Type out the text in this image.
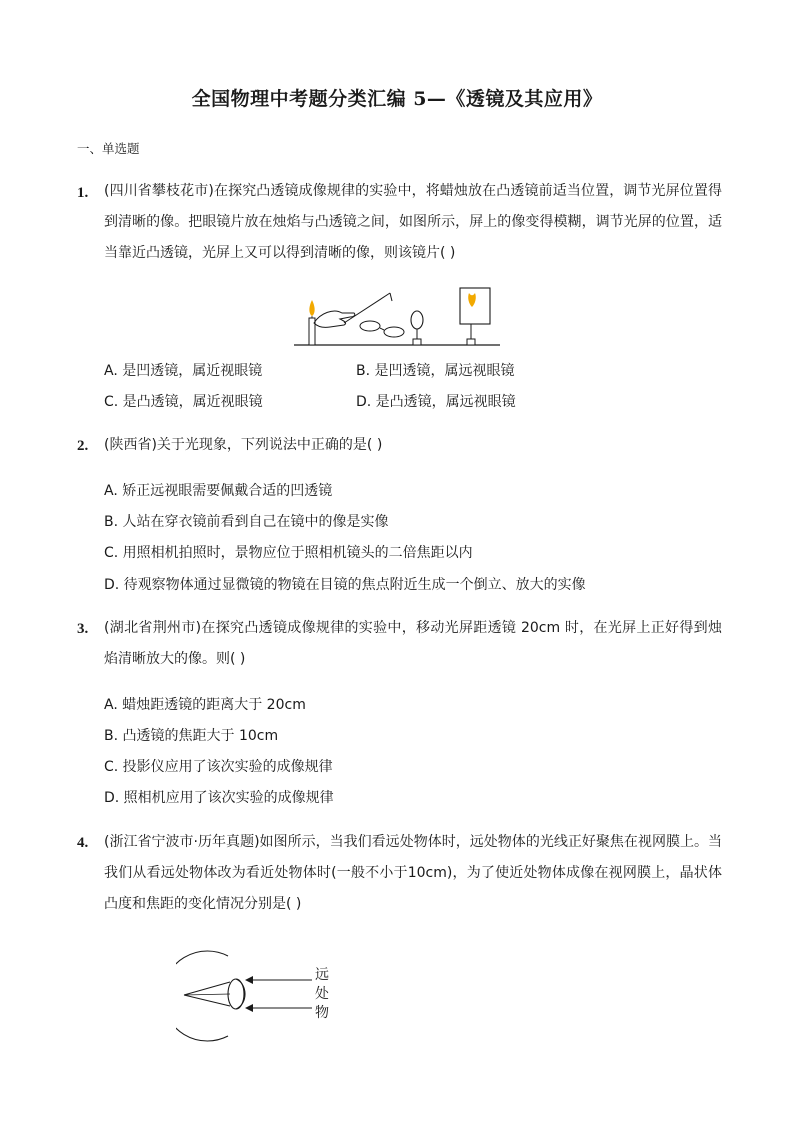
全国物理中考题分类汇编 5—《透镜及其应用》
一、单选题
1. (四川省攀枝花市)在探究凸透镜成像规律的实验中，将蜡烛放在凸透镜前适当位置，调节光屏位置得到清晰的像。把眼镜片放在烛焰与凸透镜之间，如图所示，屏上的像变得模糊，调节光屏的位置，适当靠近凸透镜，光屏上又可以得到清晰的像，则该镜片( )
A. 是凹透镜，属近视眼镜	B. 是凹透镜，属远视眼镜
C. 是凸透镜，属近视眼镜	D. 是凸透镜，属远视眼镜
2. (陕西省)关于光现象，下列说法中正确的是( )
A. 矫正远视眼需要佩戴合适的凹透镜
B. 人站在穿衣镜前看到自己在镜中的像是实像
C. 用照相机拍照时，景物应位于照相机镜头的二倍焦距以内
D. 待观察物体通过显微镜的物镜在目镜的焦点附近生成一个倒立、放大的实像
3. (湖北省荆州市)在探究凸透镜成像规律的实验中，移动光屏距透镜 20cm 时，在光屏上正好得到烛焰清晰放大的像。则( )
A. 蜡烛距透镜的距离大于 20cm
B. 凸透镜的焦距大于 10cm
C. 投影仪应用了该次实验的成像规律
D. 照相机应用了该次实验的成像规律
4. (浙江省宁波市·历年真题)如图所示，当我们看远处物体时，远处物体的光线正好聚焦在视网膜上。当我们从看远处物体改为看近处物体时(一般不小于10cm)，为了使近处物体成像在视网膜上，晶状体凸度和焦距的变化情况分别是( )
远
处
物
